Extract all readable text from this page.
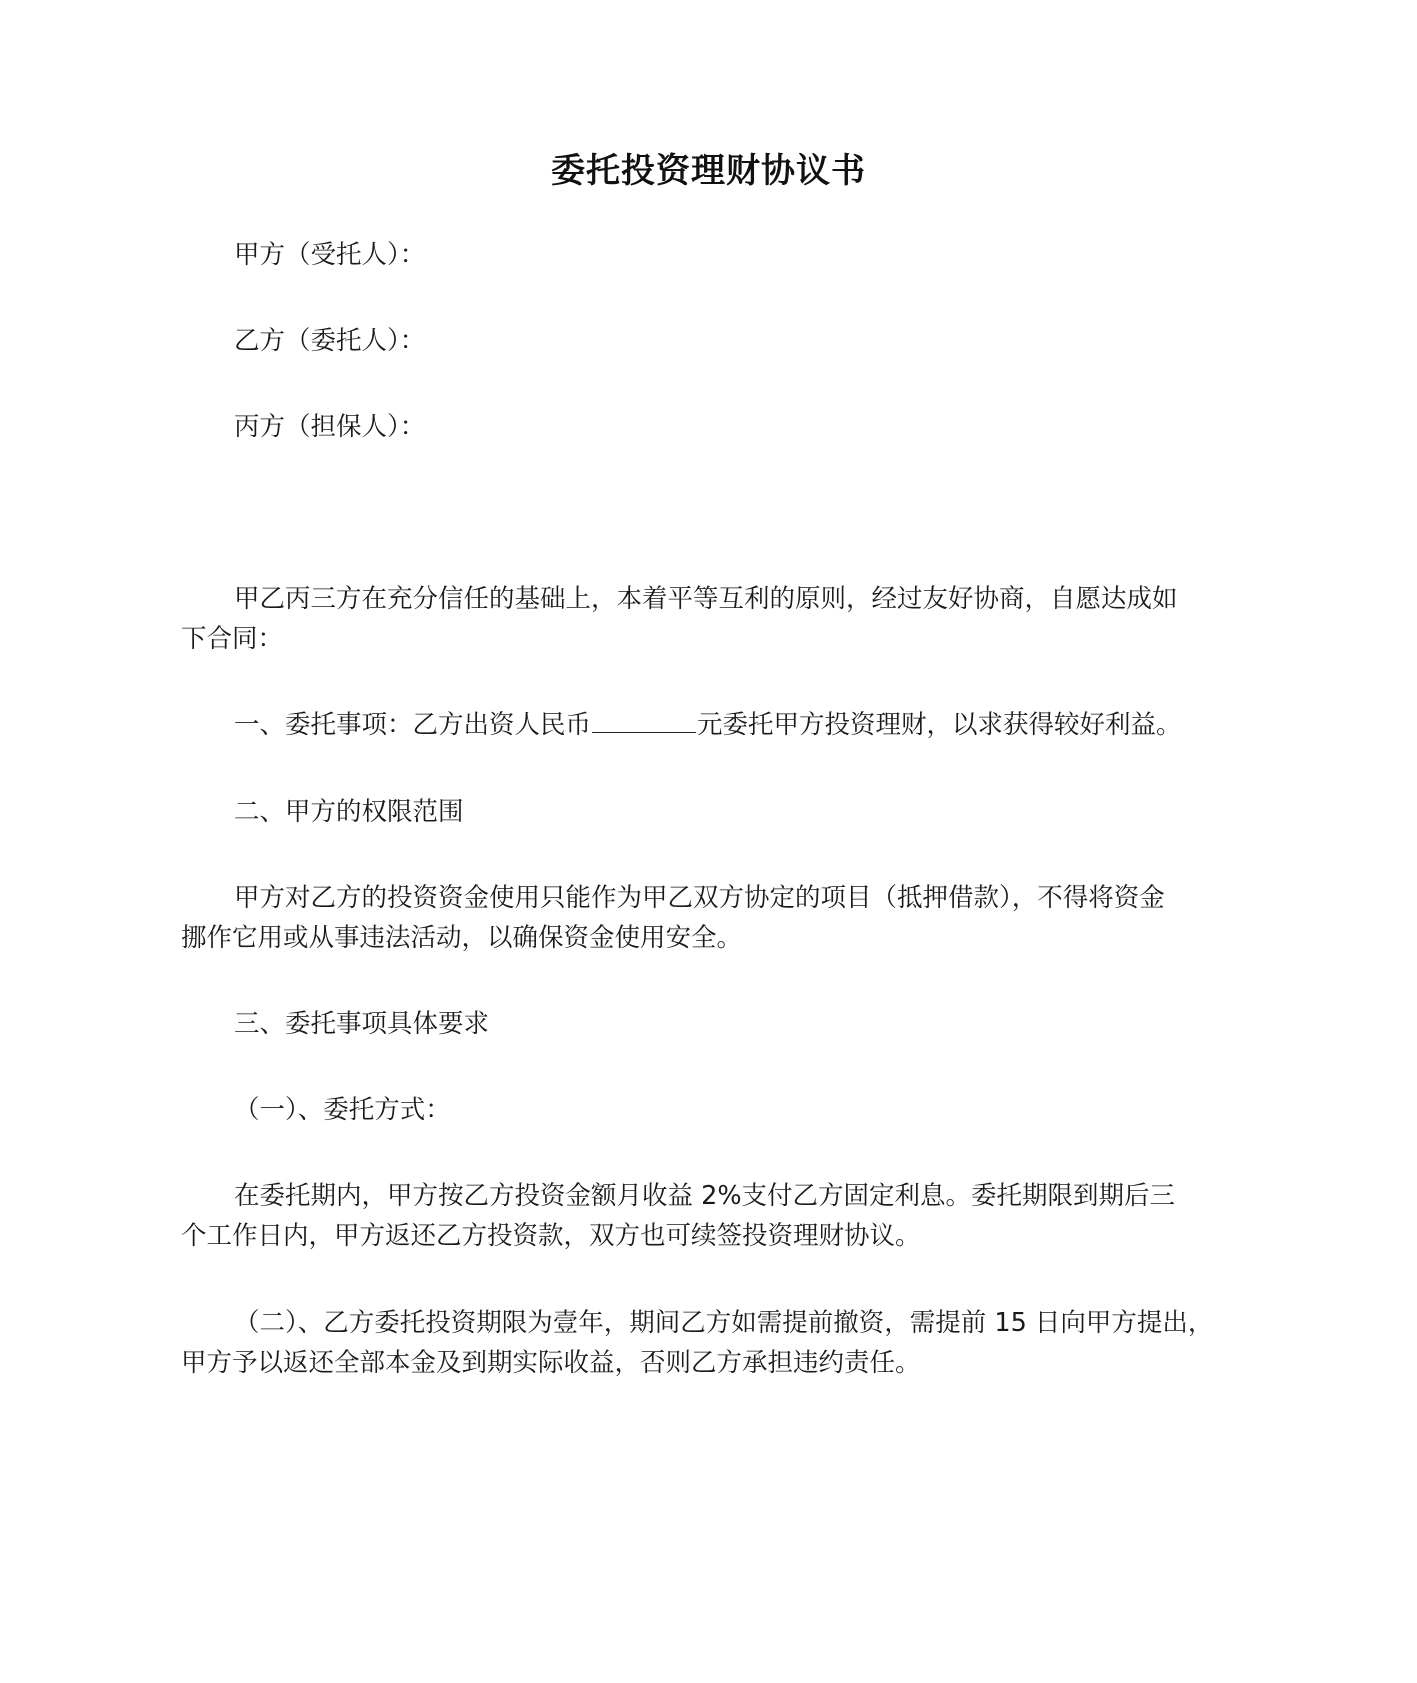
委托投资理财协议书
甲方（受托人）：
乙方（委托人）：
丙方（担保人）：
甲乙丙三方在充分信任的基础上，本着平等互利的原则，经过友好协商，自愿达成如
下合同：
一、委托事项：乙方出资人民币	元委托甲方投资理财，以求获得较好利益。
二、甲方的权限范围
甲方对乙方的投资资金使用只能作为甲乙双方协定的项目（抵押借款），不得将资金
挪作它用或从事违法活动，以确保资金使用安全。
三、委托事项具体要求
（一）、委托方式：
在委托期内，甲方按乙方投资金额月收益 2%支付乙方固定利息。委托期限到期后三
个工作日内，甲方返还乙方投资款，双方也可续签投资理财协议。
（二）、乙方委托投资期限为壹年，期间乙方如需提前撤资，需提前 15 日向甲方提出，
甲方予以返还全部本金及到期实际收益，否则乙方承担违约责任。
